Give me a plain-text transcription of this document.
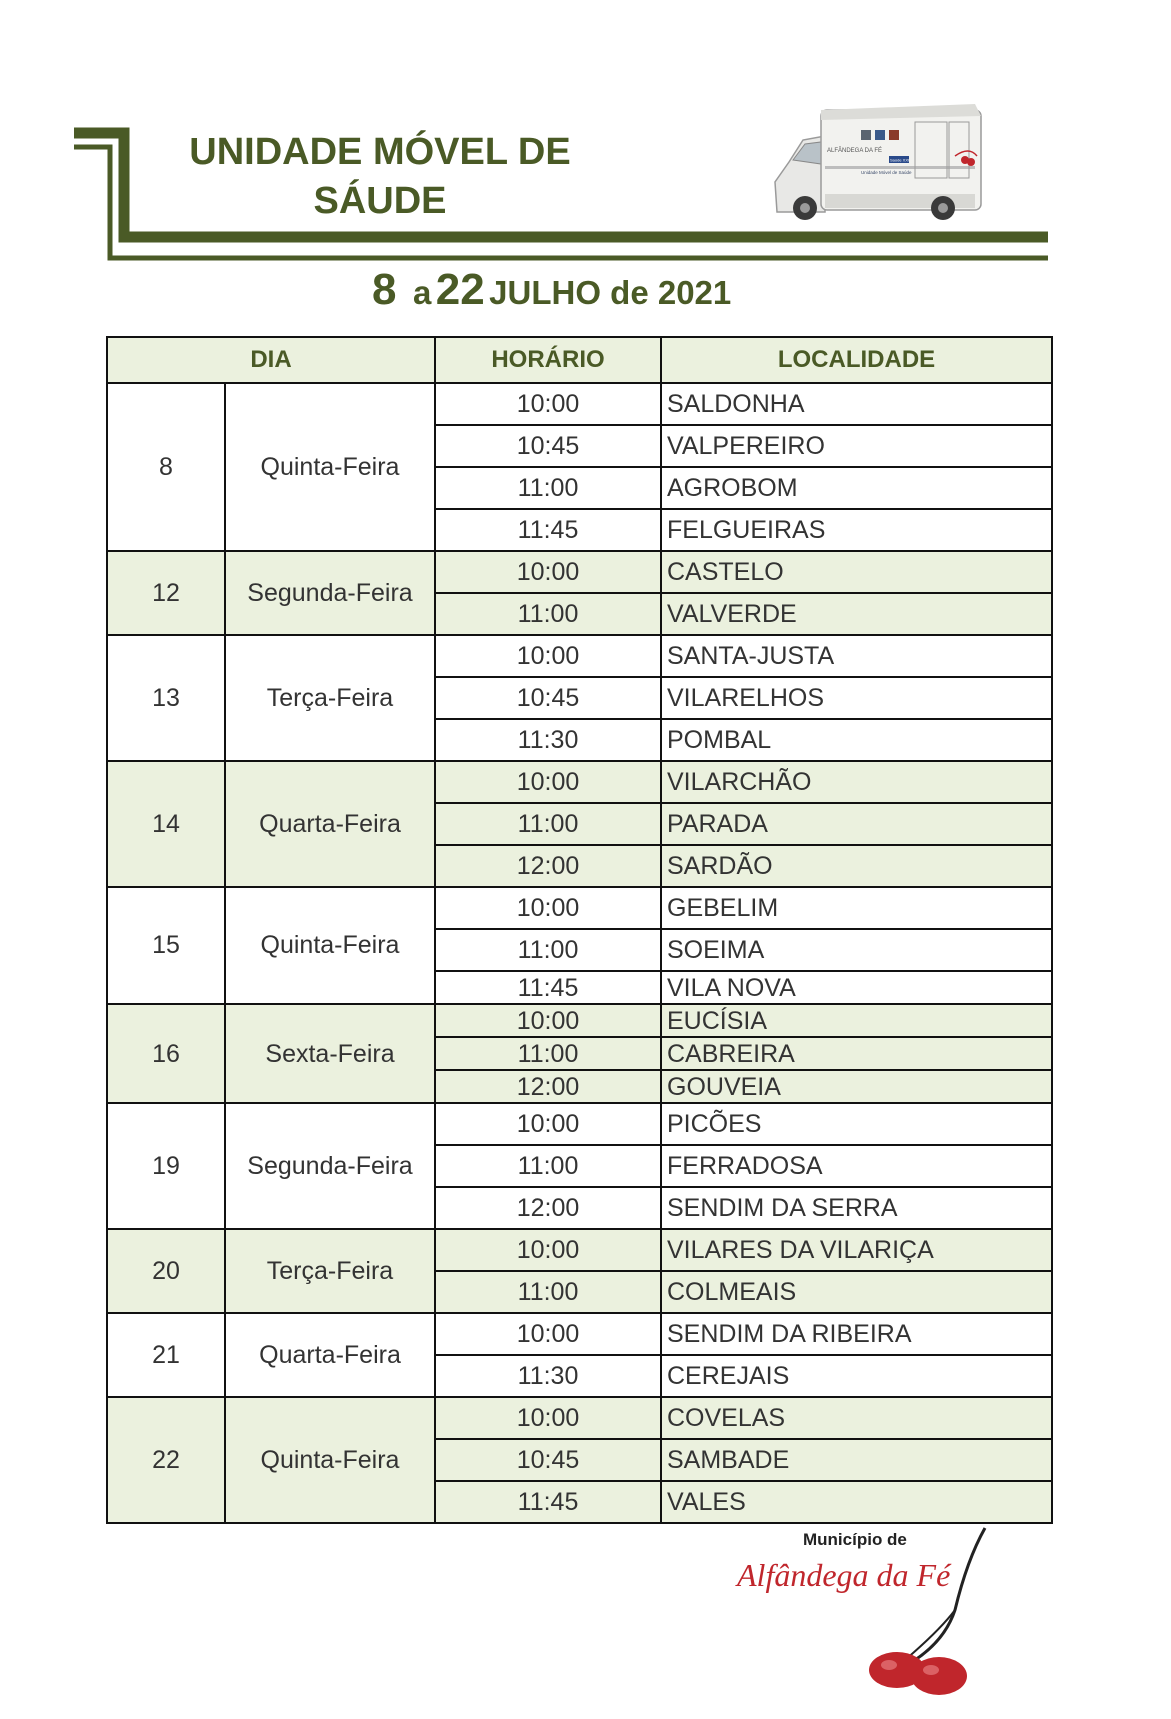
UNIDADE MÓVEL DE
SÁUDE
ALFÂNDEGA DA FÉ
Saúde XXI
Unidade Móvel de Saúde
8 a 22 JULHO de 2021
DIA		HORÁRIO	LOCALIDADE
8	Quinta-Feira	10:00	SALDONHA
		10:45	VALPEREIRO
		11:00	AGROBOM
		11:45	FELGUEIRAS
12	Segunda-Feira	10:00	CASTELO
		11:00	VALVERDE
13	Terça-Feira	10:00	SANTA-JUSTA
		10:45	VILARELHOS
		11:30	POMBAL
14	Quarta-Feira	10:00	VILARCHÃO
		11:00	PARADA
		12:00	SARDÃO
15	Quinta-Feira	10:00	GEBELIM
		11:00	SOEIMA
		11:45	VILA NOVA
16	Sexta-Feira	10:00	EUCÍSIA
		11:00	CABREIRA
		12:00	GOUVEIA
19	Segunda-Feira	10:00	PICÕES
		11:00	FERRADOSA
		12:00	SENDIM DA SERRA
20	Terça-Feira	10:00	VILARES DA VILARIÇA
		11:00	COLMEAIS
21	Quarta-Feira	10:00	SENDIM DA RIBEIRA
		11:30	CEREJAIS
22	Quinta-Feira	10:00	COVELAS
		10:45	SAMBADE
		11:45	VALES
Município de
Alfândega da Fé
